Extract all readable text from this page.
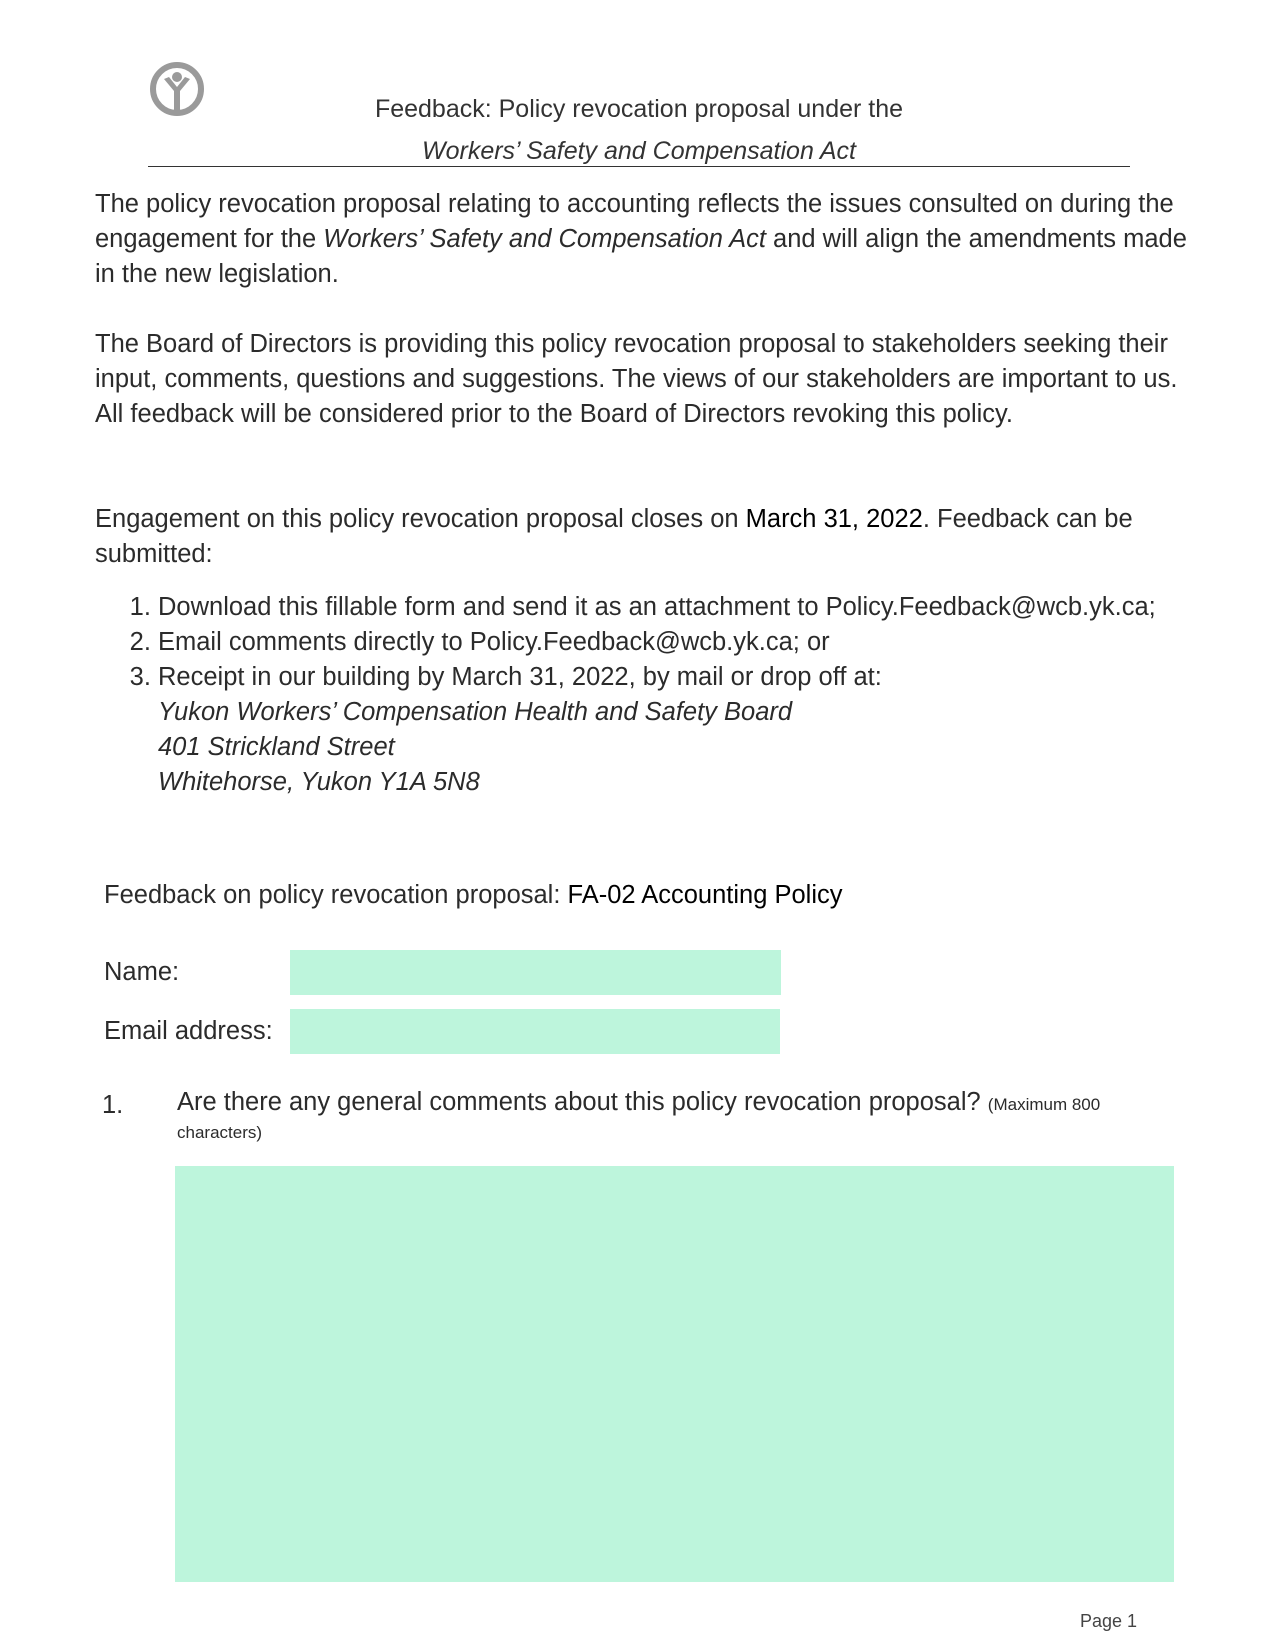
Feedback: Policy revocation proposal under the
Workers’ Safety and Compensation Act
The policy revocation proposal relating to accounting reflects the issues consulted on during the engagement for the Workers’ Safety and Compensation Act and will align the amendments made in the new legislation.
The Board of Directors is providing this policy revocation proposal to stakeholders seeking their input, comments, questions and suggestions. The views of our stakeholders are important to us. All feedback will be considered prior to the Board of Directors revoking this policy.
Engagement on this policy revocation proposal closes on March 31, 2022. Feedback can be submitted:
1. Download this fillable form and send it as an attachment to Policy.Feedback@wcb.yk.ca;
2. Email comments directly to Policy.Feedback@wcb.yk.ca; or
3. Receipt in our building by March 31, 2022, by mail or drop off at:
Yukon Workers’ Compensation Health and Safety Board
401 Strickland Street
Whitehorse, Yukon Y1A 5N8
Feedback on policy revocation proposal: FA-02 Accounting Policy
Name:
Email address:
1. Are there any general comments about this policy revocation proposal? (Maximum 800 characters)
Page 1
